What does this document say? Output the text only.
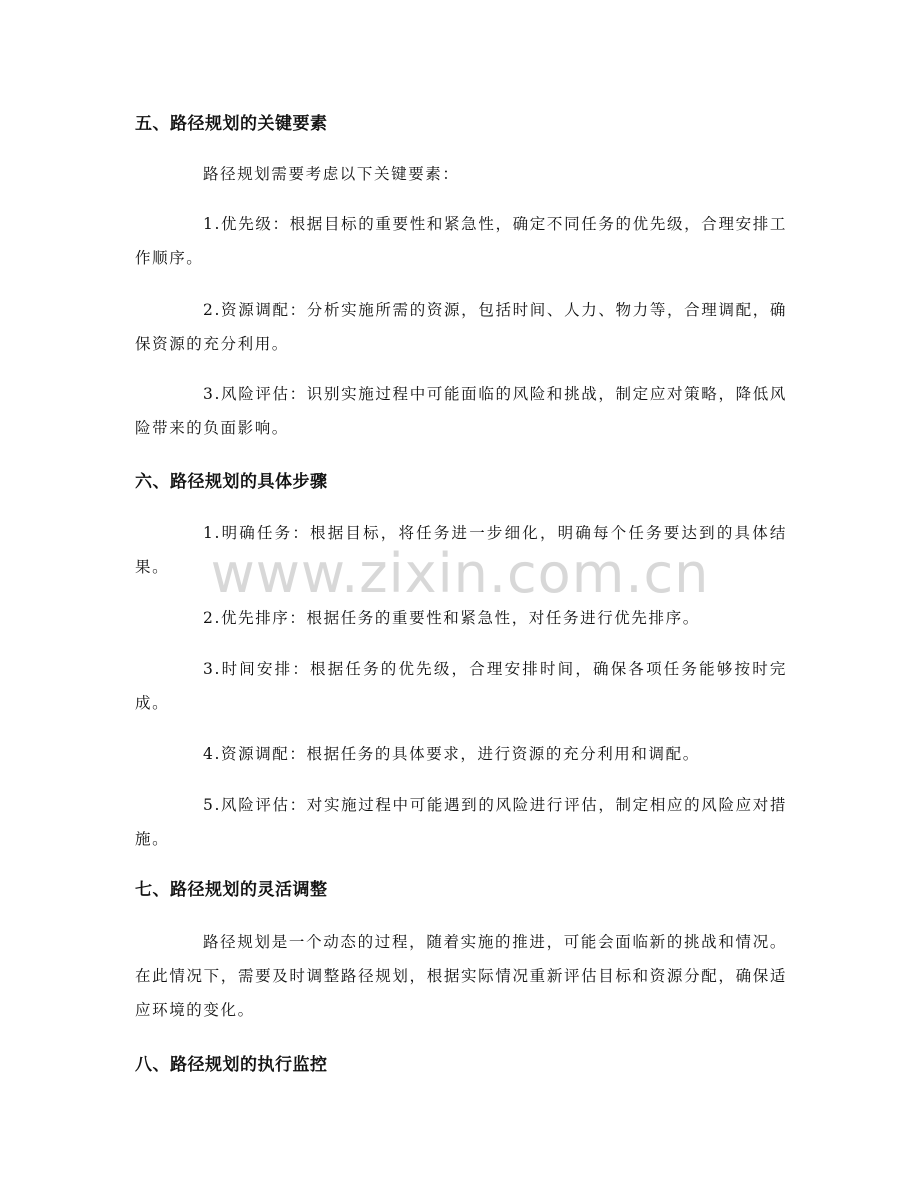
www.zixin.com.cn
五、路径规划的关键要素

路径规划需要考虑以下关键要素：

1.优先级：根据目标的重要性和紧急性，确定不同任务的优先级，合理安排工作顺序。

2.资源调配：分析实施所需的资源，包括时间、人力、物力等，合理调配，确保资源的充分利用。

3.风险评估：识别实施过程中可能面临的风险和挑战，制定应对策略，降低风险带来的负面影响。

六、路径规划的具体步骤

1.明确任务：根据目标，将任务进一步细化，明确每个任务要达到的具体结果。

2.优先排序：根据任务的重要性和紧急性，对任务进行优先排序。

3.时间安排：根据任务的优先级，合理安排时间，确保各项任务能够按时完成。

4.资源调配：根据任务的具体要求，进行资源的充分利用和调配。

5.风险评估：对实施过程中可能遇到的风险进行评估，制定相应的风险应对措施。

七、路径规划的灵活调整

路径规划是一个动态的过程，随着实施的推进，可能会面临新的挑战和情况。在此情况下，需要及时调整路径规划，根据实际情况重新评估目标和资源分配，确保适应环境的变化。

八、路径规划的执行监控
